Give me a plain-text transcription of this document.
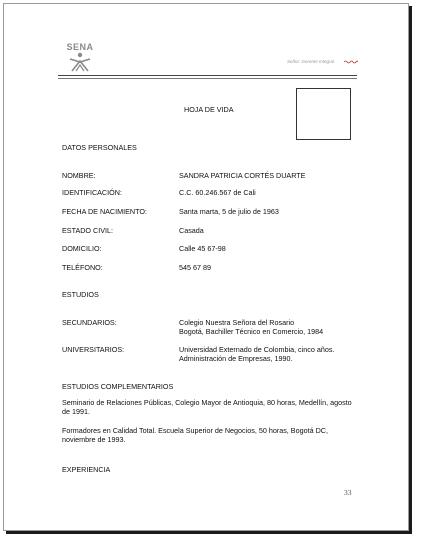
SENA
Señor: Gerente Integral
HOJA DE VIDA
DATOS PERSONALES
NOMBRE:	SANDRA PATRICIA CORTÉS DUARTE
IDENTIFICACIÓN:	C.C. 60.246.567 de Cali
FECHA DE NACIMIENTO:	Santa marta, 5 de julio de 1963
ESTADO CIVIL:	Casada
DOMICILIO:	Calle 45 67-98
TELÉFONO:	545 67 89
ESTUDIOS
SECUNDARIOS:	Colegio Nuestra Señora del Rosario
Bogotá, Bachiller Técnico en Comercio, 1984
UNIVERSITARIOS:	Universidad Externado de Colombia, cinco años.
Administración de Empresas, 1990.
ESTUDIOS COMPLEMENTARIOS
Seminario de Relaciones Públicas, Colegio Mayor de Antioquia, 80 horas, Medellín, agosto de 1991.
Formadores en Calidad Total. Escuela Superior de Negocios, 50 horas, Bogotá DC, noviembre de 1993.
EXPERIENCIA
33
